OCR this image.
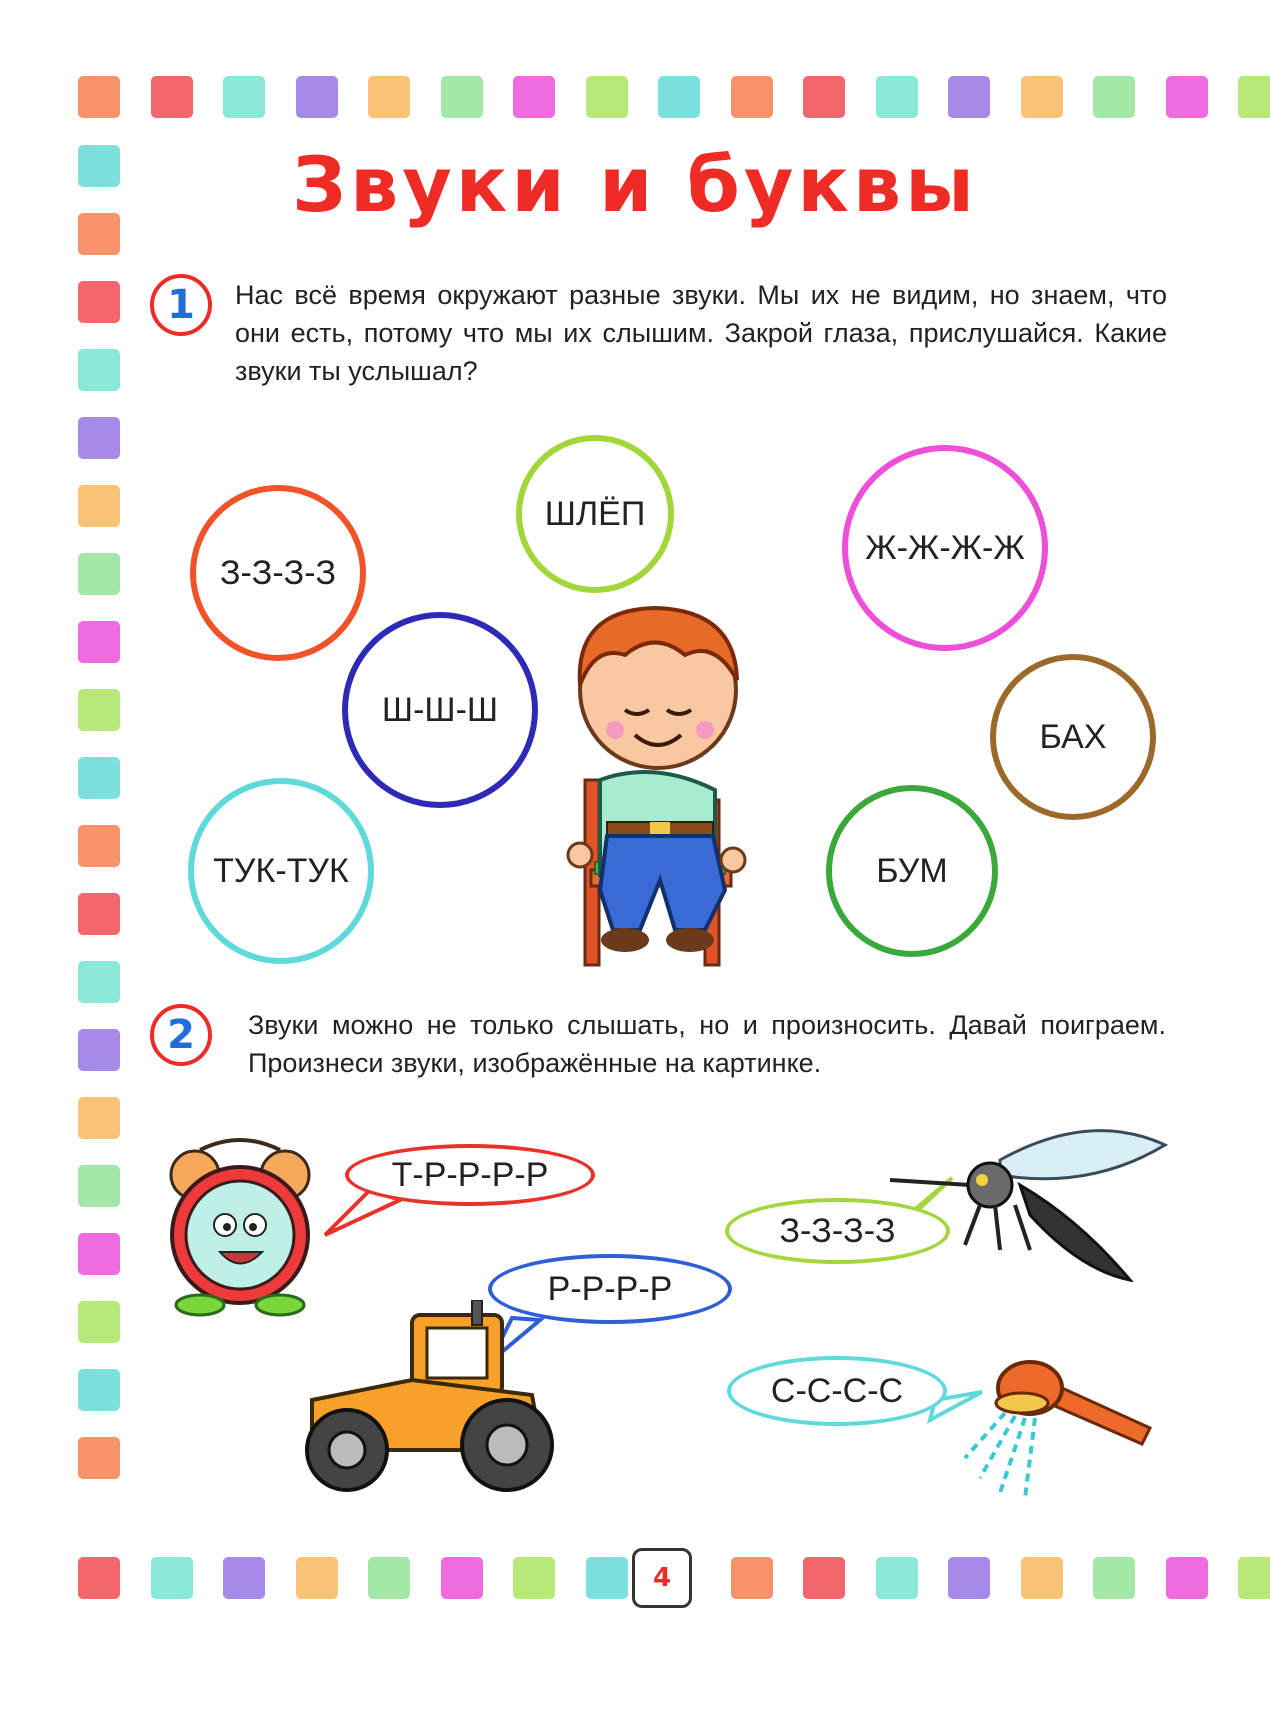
Звуки и буквы
1	Нас всё время окружают разные звуки. Мы их не видим, но знаем, что они есть, потому что мы их слышим. Закрой глаза, прислушайся. Какие звуки ты услышал?

З-З-З-З
ШЛЁП
Ж-Ж-Ж-Ж
Ш-Ш-Ш
БАХ
ТУК-ТУК	БУМ
2	Звуки можно не только слышать, но и произносить. Давай поиграем. Произнеси звуки, изображённые на картинке.

Т-Р-Р-Р-Р
З-З-З-З
Р-Р-Р-Р
С-С-С-С
4
